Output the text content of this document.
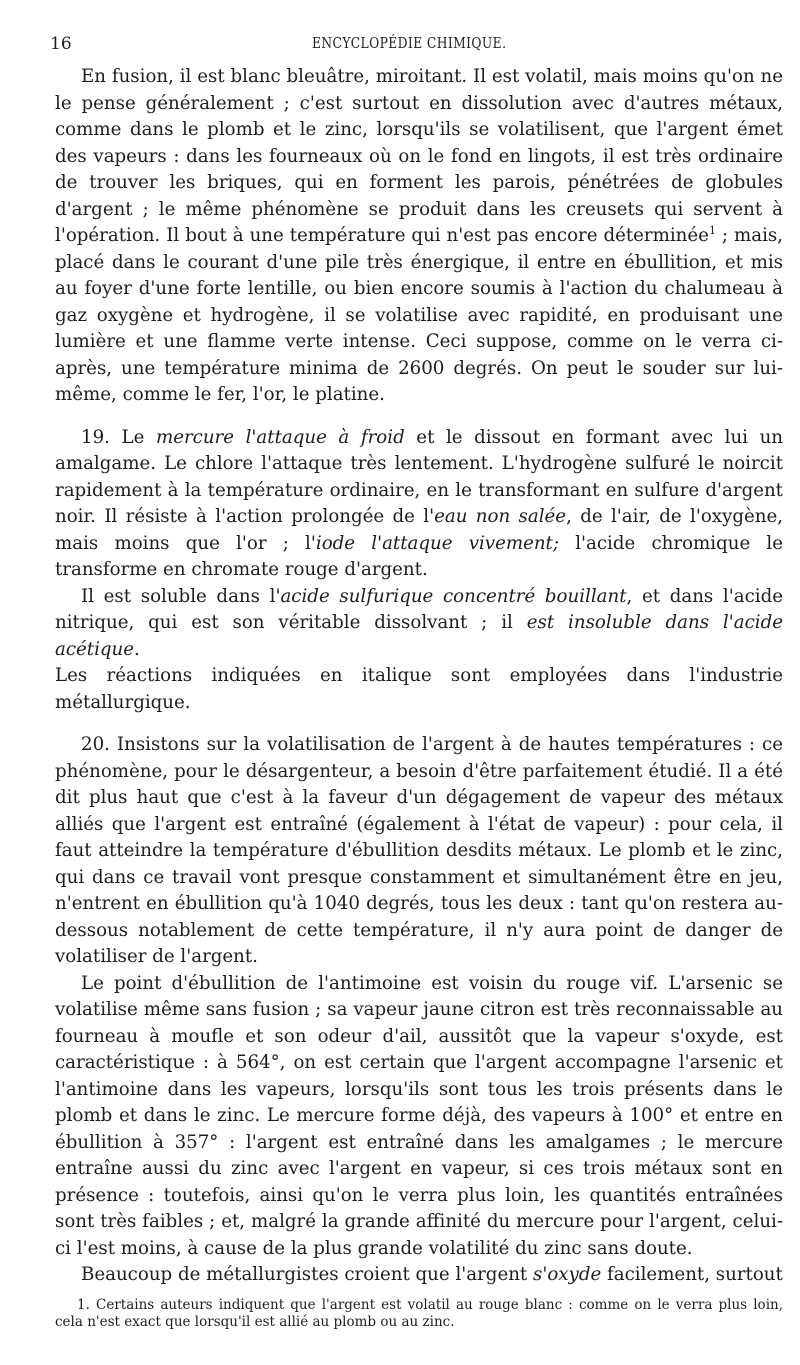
16	ENCYCLOPÉDIE CHIMIQUE.

En fusion, il est blanc bleuâtre, miroitant. Il est volatil, mais moins qu'on ne le pense généralement ; c'est surtout en dissolution avec d'autres métaux, comme dans le plomb et le zinc, lorsqu'ils se volatilisent, que l'argent émet des vapeurs : dans les fourneaux où on le fond en lingots, il est très ordinaire de trouver les briques, qui en forment les parois, pénétrées de globules d'argent ; le même phénomène se produit dans les creusets qui servent à l'opération. Il bout à une température qui n'est pas encore déterminée$^1$ ; mais, placé dans le courant d'une pile très énergique, il entre en ébullition, et mis au foyer d'une forte lentille, ou bien encore soumis à l'action du chalumeau à gaz oxygène et hydrogène, il se volatilise avec rapidité, en produisant une lumière et une flamme verte intense. Ceci suppose, comme on le verra ci-après, une température minima de 2600 degrés. On peut le souder sur lui-même, comme le fer, l'or, le platine.

19. Le mercure l'attaque à froid et le dissout en formant avec lui un amalgame. Le chlore l'attaque très lentement. L'hydrogène sulfuré le noircit rapidement à la température ordinaire, en le transformant en sulfure d'argent noir. Il résiste à l'action prolongée de l'eau non salée, de l'air, de l'oxygène, mais moins que l'or ; l'iode l'attaque vivement; l'acide chromique le transforme en chromate rouge d'argent.

Il est soluble dans l'acide sulfurique concentré bouillant, et dans l'acide nitrique, qui est son véritable dissolvant ; il est insoluble dans l'acide acétique.

Les réactions indiquées en italique sont employées dans l'industrie métallurgique.

20. Insistons sur la volatilisation de l'argent à de hautes températures : ce phénomène, pour le désargenteur, a besoin d'être parfaitement étudié. Il a été dit plus haut que c'est à la faveur d'un dégagement de vapeur des métaux alliés que l'argent est entraîné (également à l'état de vapeur) : pour cela, il faut atteindre la température d'ébullition desdits métaux. Le plomb et le zinc, qui dans ce travail vont presque constamment et simultanément être en jeu, n'entrent en ébullition qu'à 1040 degrés, tous les deux : tant qu'on restera au-dessous notablement de cette température, il n'y aura point de danger de volatiliser de l'argent.

Le point d'ébullition de l'antimoine est voisin du rouge vif. L'arsenic se volatilise même sans fusion ; sa vapeur jaune citron est très reconnaissable au fourneau à moufle et son odeur d'ail, aussitôt que la vapeur s'oxyde, est caractéristique : à 564°, on est certain que l'argent accompagne l'arsenic et l'antimoine dans les vapeurs, lorsqu'ils sont tous les trois présents dans le plomb et dans le zinc. Le mercure forme déjà, des vapeurs à 100° et entre en ébullition à 357° : l'argent est entraîné dans les amalgames ; le mercure entraîne aussi du zinc avec l'argent en vapeur, si ces trois métaux sont en présence : toutefois, ainsi qu'on le verra plus loin, les quantités entraînées sont très faibles ; et, malgré la grande affinité du mercure pour l'argent, celui-ci l'est moins, à cause de la plus grande volatilité du zinc sans doute.

Beaucoup de métallurgistes croient que l'argent s'oxyde facilement, surtout

1. Certains auteurs indiquent que l'argent est volatil au rouge blanc : comme on le verra plus loin, cela n'est exact que lorsqu'il est allié au plomb ou au zinc.
